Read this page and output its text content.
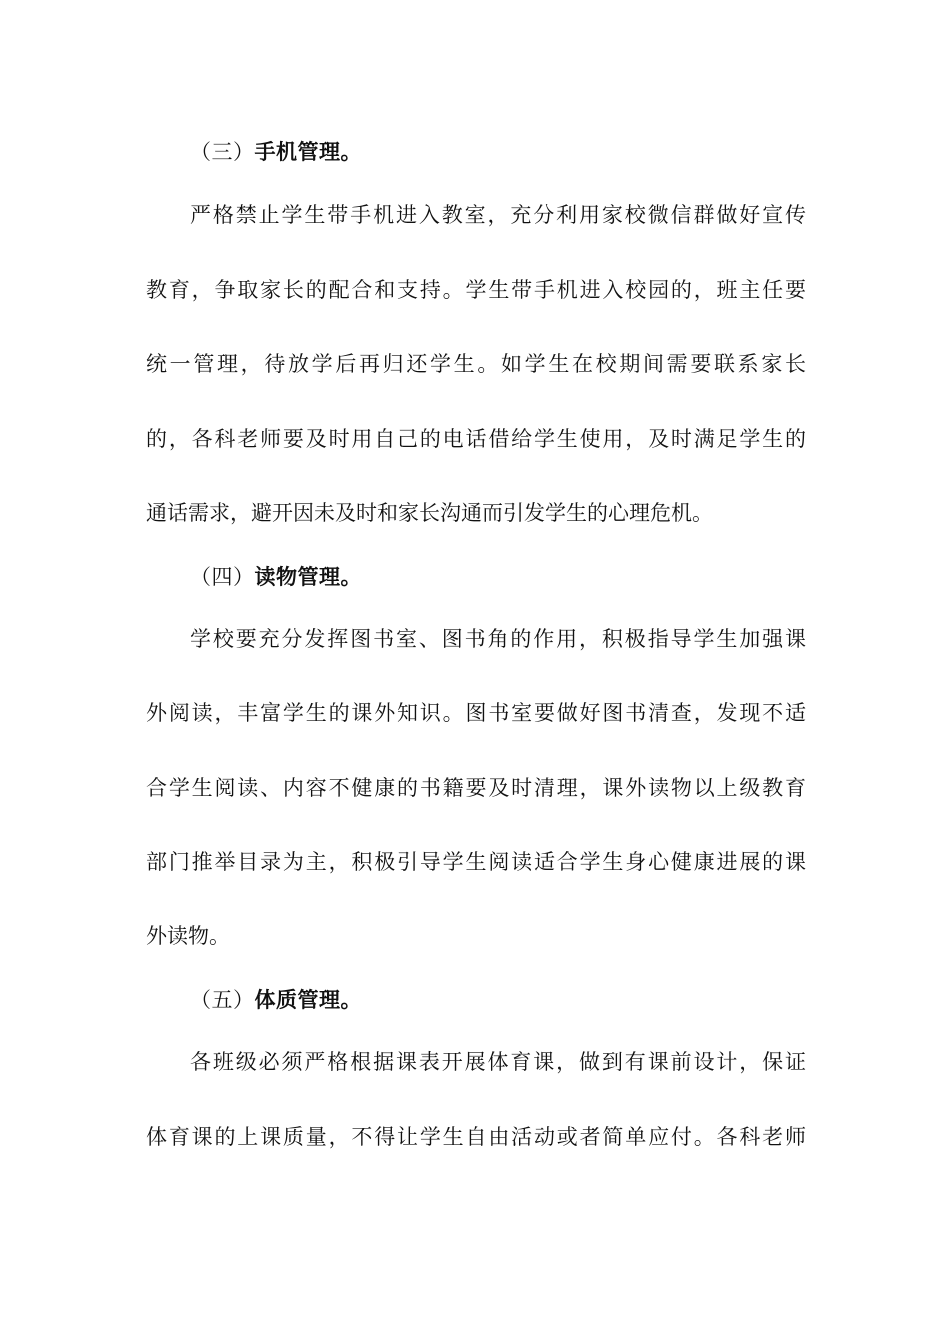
（三）手机管理。
严格禁止学生带手机进入教室，充分利用家校微信群做好宣传
教育，争取家长的配合和支持。学生带手机进入校园的，班主任要
统一管理，待放学后再归还学生。如学生在校期间需要联系家长
的，各科老师要及时用自己的电话借给学生使用，及时满足学生的
通话需求，避开因未及时和家长沟通而引发学生的心理危机。
（四）读物管理。
学校要充分发挥图书室、图书角的作用，积极指导学生加强课
外阅读，丰富学生的课外知识。图书室要做好图书清查，发现不适
合学生阅读、内容不健康的书籍要及时清理，课外读物以上级教育
部门推举目录为主，积极引导学生阅读适合学生身心健康进展的课
外读物。
（五）体质管理。
各班级必须严格根据课表开展体育课，做到有课前设计，保证
体育课的上课质量，不得让学生自由活动或者简单应付。各科老师
